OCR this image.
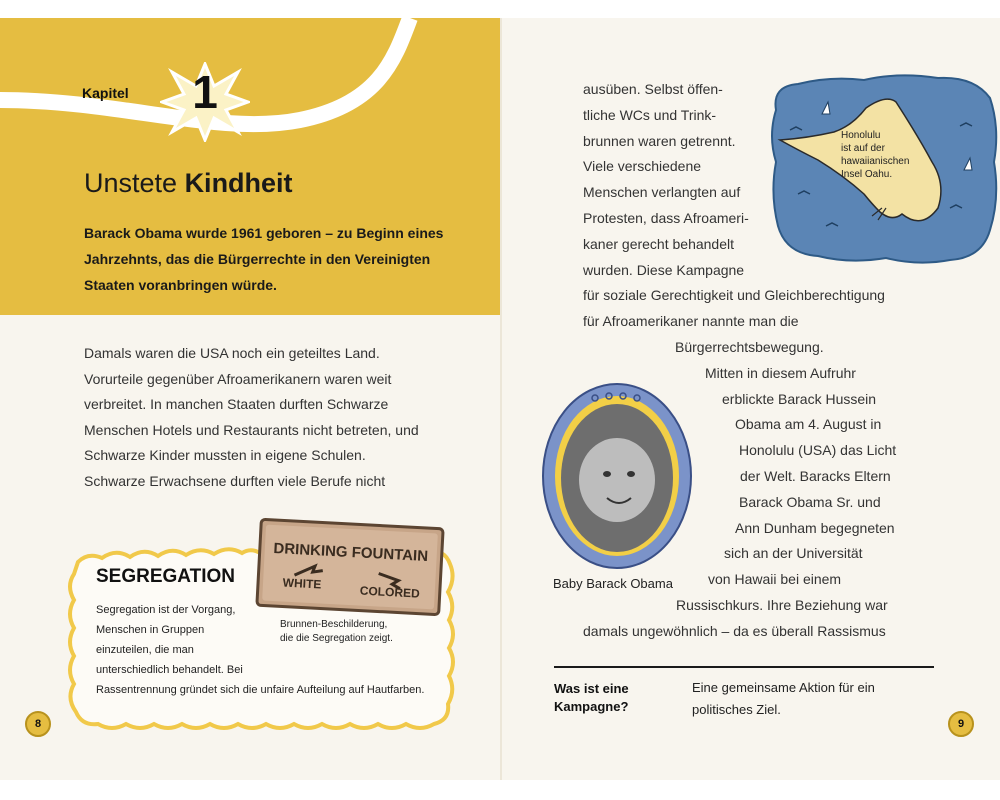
Kapitel	1
Unstete Kindheit
Barack Obama wurde 1961 geboren – zu Beginn eines Jahrzehnts, das die Bürgerrechte in den Vereinigten Staaten voranbringen würde.
Damals waren die USA noch ein geteiltes Land. Vorurteile gegenüber Afroamerikanern waren weit verbreitet. In manchen Staaten durften Schwarze Menschen Hotels und Restaurants nicht betreten, und Schwarze Kinder mussten in eigene Schulen. Schwarze Erwachsene durften viele Berufe nicht
SEGREGATION
Segregation ist der Vorgang, Menschen in Gruppen einzuteilen, die man unterschiedlich behandelt. Bei Rassentrennung gründet sich die unfaire Aufteilung auf Hautfarben.
DRINKING FOUNTAIN
WHITE
COLORED
Brunnen-Beschilderung,
die die Segregation zeigt.
8
Honolulu
ist auf der
hawaiianischen
Insel Oahu.
ausüben. Selbst öffen-
tliche WCs und Trink-
brunnen waren getrennt.
Viele verschiedene
Menschen verlangten auf
Protesten, dass Afroameri-
kaner gerecht behandelt
wurden. Diese Kampagne
für soziale Gerechtigkeit und Gleichberechtigung
für Afroamerikaner nannte man die
Bürgerrechtsbewegung.
Mitten in diesem Aufruhr
erblickte Barack Hussein
Obama am 4. August in
Honolulu (USA) das Licht
der Welt. Baracks Eltern
Barack Obama Sr. und
Ann Dunham begegneten
sich an der Universität
von Hawaii bei einem
Russischkurs. Ihre Beziehung war
damals ungewöhnlich – da es überall Rassismus
Baby Barack Obama
Was ist eine
Kampagne?
Eine gemeinsame Aktion für ein
politisches Ziel.
9
